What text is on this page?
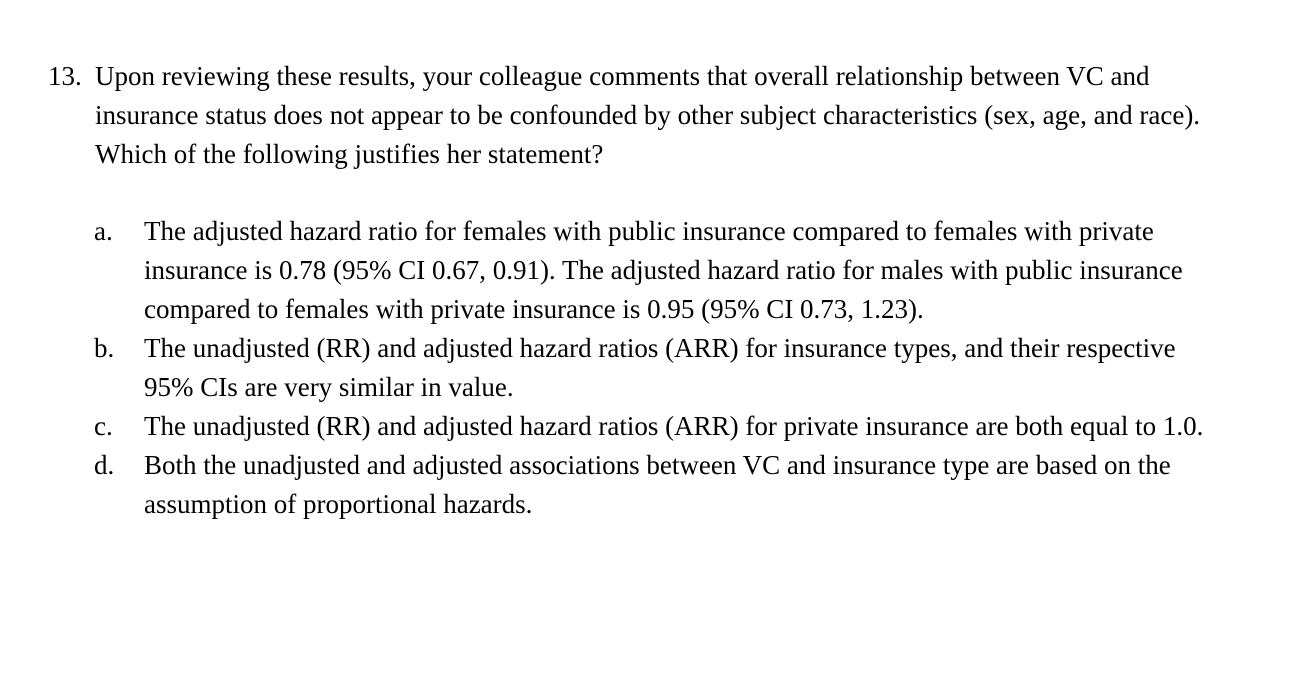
13. Upon reviewing these results, your colleague comments that overall relationship between VC and insurance status does not appear to be confounded by other subject characteristics (sex, age, and race). Which of the following justifies her statement?
a.	The adjusted hazard ratio for females with public insurance compared to females with private insurance is 0.78 (95% CI 0.67, 0.91). The adjusted hazard ratio for males with public insurance compared to females with private insurance is 0.95 (95% CI 0.73, 1.23).
b.	The unadjusted (RR) and adjusted hazard ratios (ARR) for insurance types, and their respective 95% CIs are very similar in value.
c.	The unadjusted (RR) and adjusted hazard ratios (ARR) for private insurance are both equal to 1.0.
d.	Both the unadjusted and adjusted associations between VC and insurance type are based on the assumption of proportional hazards.
